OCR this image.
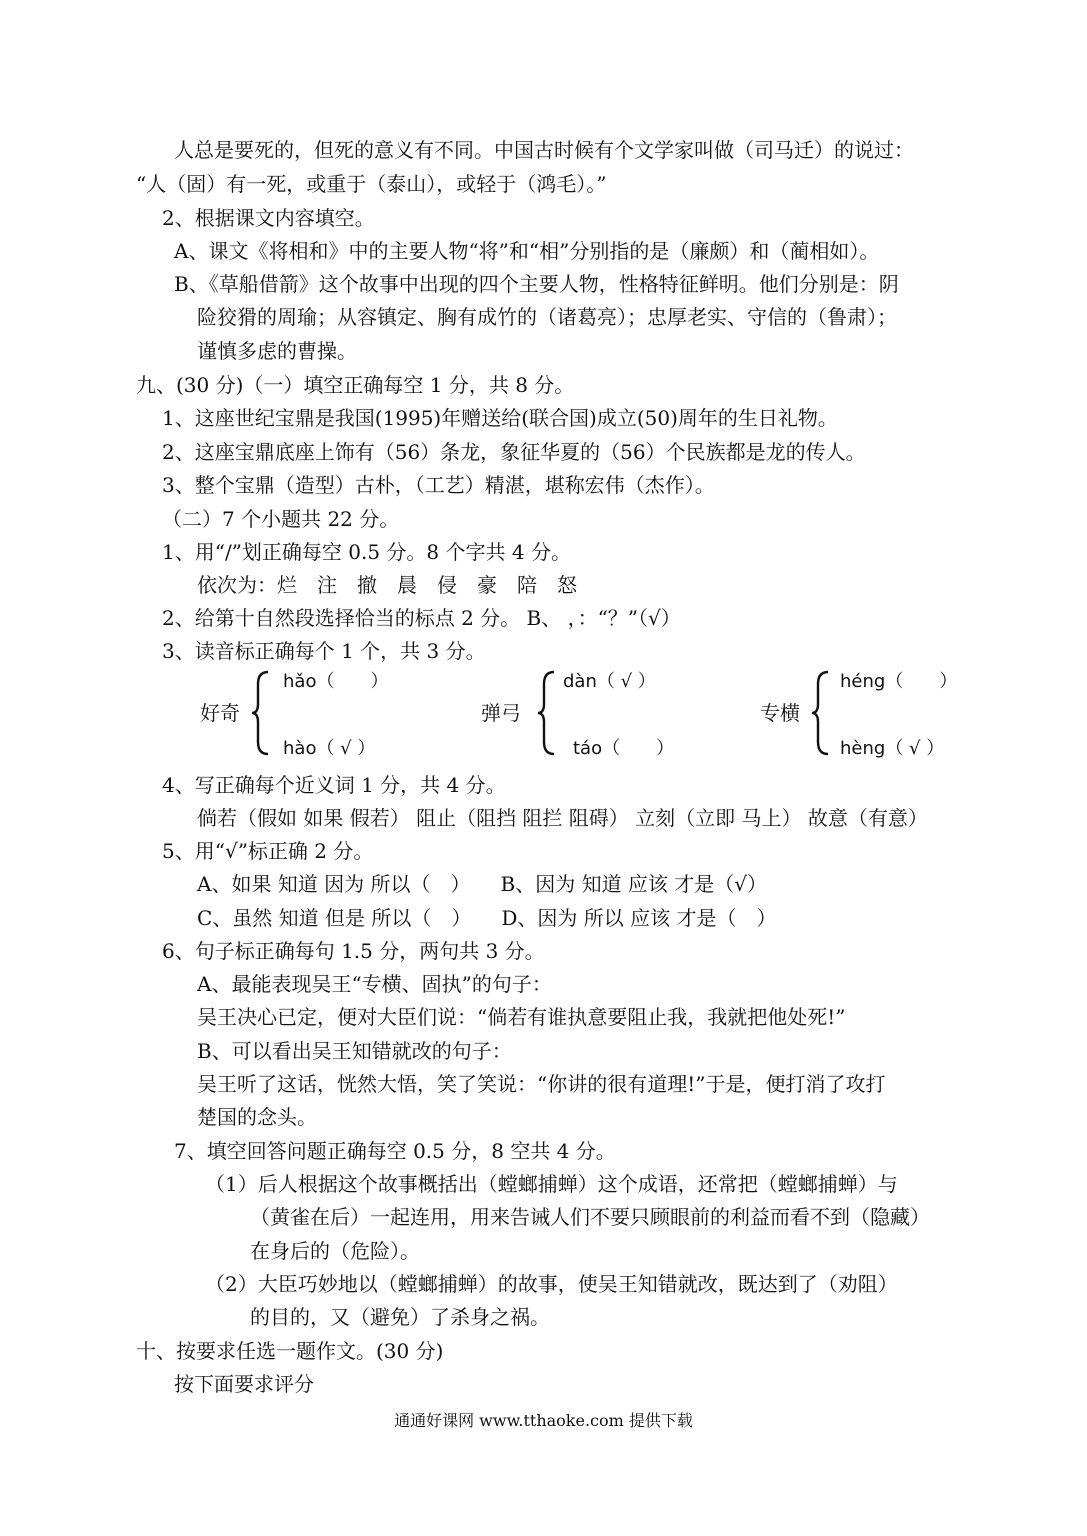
人总是要死的，但死的意义有不同。中国古时候有个文学家叫做（司马迁）的说过：
“人（固）有一死，或重于（泰山），或轻于（鸿毛）。”
2、根据课文内容填空。
A、课文《将相和》中的主要人物“将”和“相”分别指的是（廉颇）和（蔺相如）。
B、《草船借箭》这个故事中出现的四个主要人物，性格特征鲜明。他们分别是：阴
险狡猾的周瑜；从容镇定、胸有成竹的（诸葛亮）；忠厚老实、守信的（鲁肃）；
谨慎多虑的曹操。
九、(30 分)（一）填空正确每空 1 分，共 8 分。
1、这座世纪宝鼎是我国(1995)年赠送给(联合国)成立(50)周年的生日礼物。
2、这座宝鼎底座上饰有（56）条龙，象征华夏的（56）个民族都是龙的传人。
3、整个宝鼎（造型）古朴，（工艺）精湛，堪称宏伟（杰作）。
（二）7 个小题共 22 分。
1、用“/”划正确每空 0.5 分。8 个字共 4 分。
依次为：烂　注　撤　晨　侵　豪　陪　怒
2、给第十自然段选择恰当的标点 2 分。 B、 ，：“？”（√）
3、读音标正确每个 1 个，共 3 分。
4、写正确每个近义词 1 分，共 4 分。
倘若（假如 如果 假若） 阻止（阻挡 阻拦 阻碍） 立刻（立即 马上） 故意（有意）
5、用“√”标正确 2 分。
A、如果 知道 因为 所以（　）　　B、因为 知道 应该 才是（√）
C、虽然 知道 但是 所以（　）　　D、因为 所以 应该 才是（　）
6、句子标正确每句 1.5 分，两句共 3 分。
A、最能表现吴王“专横、固执”的句子：
吴王决心已定，便对大臣们说：“倘若有谁执意要阻止我，我就把他处死!”
B、可以看出吴王知错就改的句子：
吴王听了这话，恍然大悟，笑了笑说：“你讲的很有道理!”于是，便打消了攻打
楚国的念头。
7、填空回答问题正确每空 0.5 分，8 空共 4 分。
（1）后人根据这个故事概括出（螳螂捕蝉）这个成语，还常把（螳螂捕蝉）与
（黄雀在后）一起连用，用来告诫人们不要只顾眼前的利益而看不到（隐藏）
在身后的（危险）。
（2）大臣巧妙地以（螳螂捕蝉）的故事，使吴王知错就改，既达到了（劝阻）
的目的，又（避免）了杀身之祸。
十、按要求任选一题作文。(30 分)
按下面要求评分
好奇
hǎo（　　）
hào（ √ ）
弹弓
dàn（ √ ）
táo（　　）
专横
héng（　　）
hèng（ √ ）
通通好课网 www.tthaoke.com 提供下载
